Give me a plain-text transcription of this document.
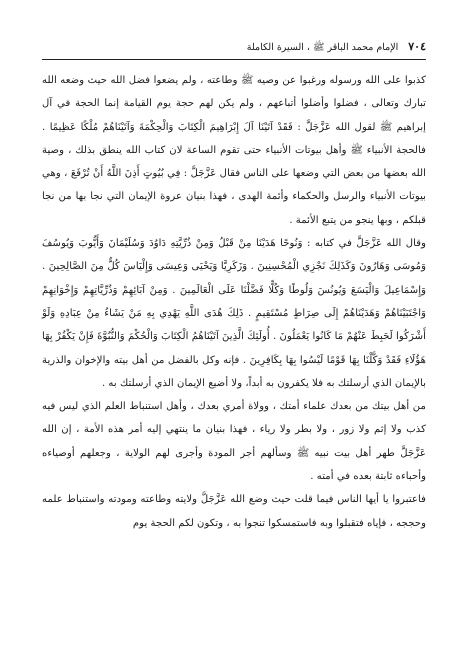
٧٠٤
الإمام محمد الباقر ﷺ ، السيرة الكاملة

كذبوا على الله ورسوله ورغبوا عن وصيه ﷺ وطاعته ، ولم يضعوا فضل الله حيث وضعه الله تبارك وتعالى ، فضلوا وأضلوا أتباعهم ، ولم يكن لهم حجة يوم القيامة إنما الحجة في آل إبراهيم ﷺ لقول الله عَزَّجَلَّ : فَقَدْ آتَيْنَا آلَ إِبْرَاهِيمَ الْكِتَابَ وَالْحِكْمَةَ وَآتَيْنَاهُمْ مُلْكًا عَظِيمًا . فالحجة الأنبياء ﷺ وأهل بيوتات الأنبياء حتى تقوم الساعة لان كتاب الله ينطق بذلك ، وصية الله بعضها من بعض التي وضعها على الناس فقال عَزَّجَلَّ : فِي بُيُوتٍ أَذِنَ اللَّهُ أَنْ تُرْفَعَ ، وهي بيوتات الأنبياء والرسل والحكماء وأئمة الهدى ، فهذا بنيان عروة الإيمان التي نجا بها من نجا قبلكم ، وبها ينجو من يتبع الأئمة .

وقال الله عَزَّجَلَّ في كتابه : وَنُوحًا هَدَيْنَا مِنْ قَبْلُ وَمِنْ ذُرِّيَّتِهِ دَاوُدَ وَسُلَيْمَانَ وَأَيُّوبَ وَيُوسُفَ وَمُوسَى وَهَارُونَ وَكَذَلِكَ نَجْزِي الْمُحْسِنِينَ . وَزَكَرِيَّا وَيَحْيَى وَعِيسَى وَإِلْيَاسَ كُلٌّ مِنَ الصَّالِحِينَ . وَإِسْمَاعِيلَ وَالْيَسَعَ وَيُونُسَ وَلُوطًا وَكُلًّا فَضَّلْنَا عَلَى الْعَالَمِينَ . وَمِنْ آبَائِهِمْ وَذُرِّيَّاتِهِمْ وَإِخْوَانِهِمْ وَاجْتَبَيْنَاهُمْ وَهَدَيْنَاهُمْ إِلَى صِرَاطٍ مُسْتَقِيمٍ . ذَلِكَ هُدَى اللَّهِ يَهْدِي بِهِ مَنْ يَشَاءُ مِنْ عِبَادِهِ وَلَوْ أَشْرَكُوا لَحَبِطَ عَنْهُمْ مَا كَانُوا يَعْمَلُونَ . أُولَئِكَ الَّذِينَ آتَيْنَاهُمُ الْكِتَابَ وَالْحُكْمَ وَالنُّبُوَّةَ فَإِنْ يَكْفُرْ بِهَا هَؤُلَاءِ فَقَدْ وَكَّلْنَا بِهَا قَوْمًا لَيْسُوا بِهَا بِكَافِرِينَ . فإنه وكل بالفضل من أهل بيته والإخوان والذرية بالإيمان الذي أرسلتك به فلا يكفرون به أبداً، ولا أضيع الإيمان الذي أرسلتك به .

من أهل بيتك من بعدك علماء أمتك ، وولاة أمري بعدك ، وأهل استنباط العلم الذي ليس فيه كذب ولا إثم ولا زور ، ولا بطر ولا رياء ، فهذا بنيان ما ينتهي إليه أمر هذه الأمة ، إن الله عَزَّجَلَّ طهر أهل بيت نبيه ﷺ وسألهم أجر المودة وأجرى لهم الولاية ، وجعلهم أوصياءه وأحباءه ثابتة بعده في أمته .

فاعتبروا يا أيها الناس فيما قلت حيث وضع الله عَزَّجَلَّ ولايته وطاعته ومودته واستنباط علمه وحججه ، فإياه فتقبلوا وبه فاستمسكوا تنجوا به ، وتكون لكم الحجة يوم
